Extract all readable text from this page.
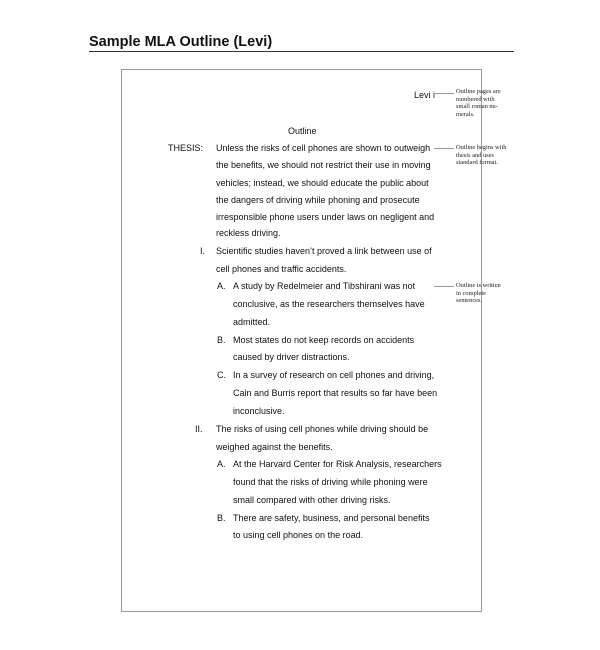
Sample MLA Outline (Levi)
Levi i
Outline
THESIS: Unless the risks of cell phones are shown to outweigh
the benefits, we should not restrict their use in moving
vehicles; instead, we should educate the public about
the dangers of driving while phoning and prosecute
irresponsible phone users under laws on negligent and
reckless driving.
I. Scientific studies haven’t proved a link between use of
cell phones and traffic accidents.
A. A study by Redelmeier and Tibshirani was not
conclusive, as the researchers themselves have
admitted.
B. Most states do not keep records on accidents
caused by driver distractions.
C. In a survey of research on cell phones and driving,
Cain and Burris report that results so far have been
inconclusive.
II. The risks of using cell phones while driving should be
weighed against the benefits.
A. At the Harvard Center for Risk Analysis, researchers
found that the risks of driving while phoning were
small compared with other driving risks.
B. There are safety, business, and personal benefits
to using cell phones on the road.
Outline pages are
numbered with
small roman nu-
merals.
Outline begins with
thesis and uses
standard format.
Outline is written
in complete
sentences.
